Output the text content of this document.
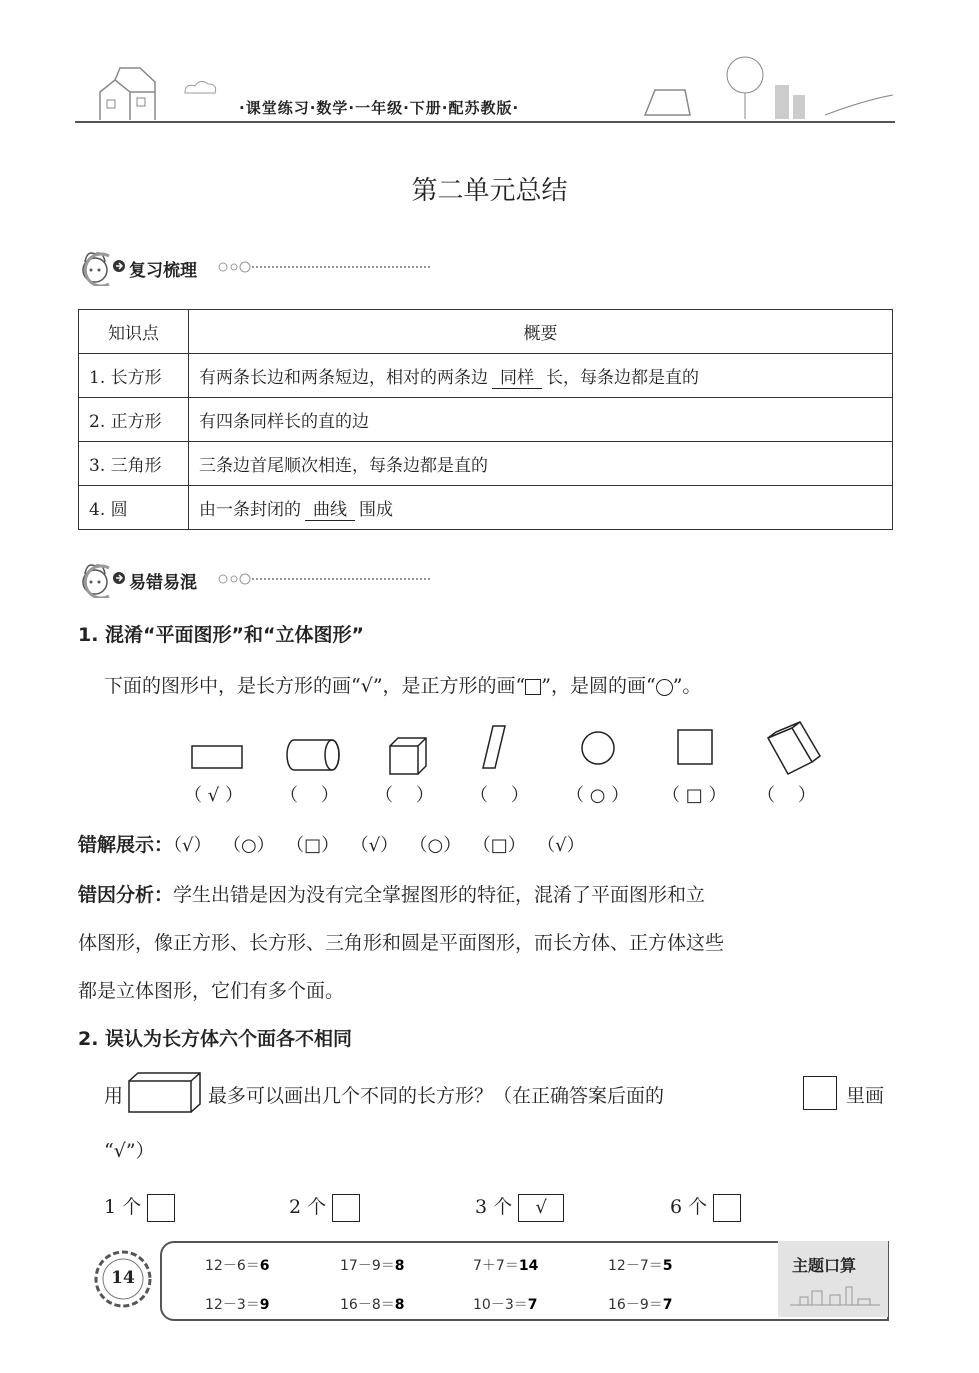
·课堂练习·数学·一年级·下册·配苏教版·
第二单元总结
复习梳理
知识点	概要
1. 长方形	有两条长边和两条短边，相对的两条边 同样 长，每条边都是直的
2. 正方形	有四条同样长的直的边
3. 三角形	三条边首尾顺次相连，每条边都是直的
4. 圆	由一条封闭的 曲线 围成
易错易混
1. 混淆“平面图形”和“立体图形”
下面的图形中，是长方形的画“√”，是正方形的画“ ”，是圆的画“ ”。
（ √ ） （    ） （    ） （    ） （ ○ ） （ □ ） （    ）
错解展示：（√） （○） （□） （√） （○） （□） （√）
错因分析：学生出错是因为没有完全掌握图形的特征，混淆了平面图形和立
体图形，像正方形、长方形、三角形和圆是平面图形，而长方体、正方体这些
都是立体图形，它们有多个面。
2. 误认为长方体六个面各不相同
用	最多可以画出几个不同的长方形？（在正确答案后面的	里画
“√”）
1 个	2 个	3 个 √	6 个
14
主题口算
12－6＝6	17－9＝8	7＋7＝14	12－7＝5
12－3＝9	16－8＝8	10－3＝7	16－9＝7
